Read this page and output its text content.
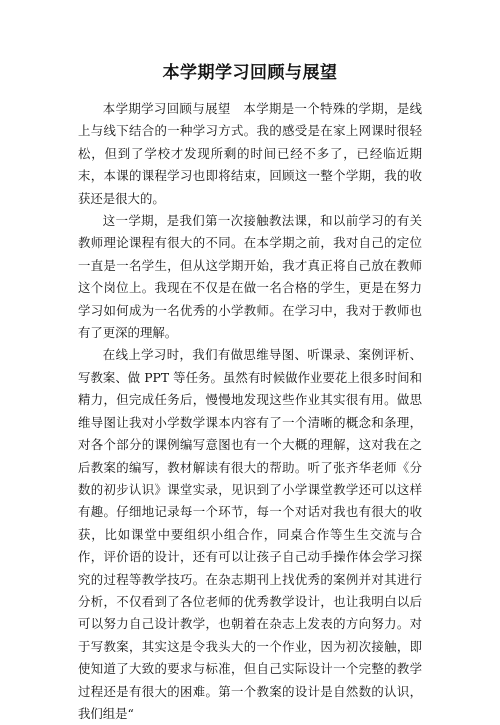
本学期学习回顾与展望

本学期学习回顾与展望　本学期是一个特殊的学期，是线上与线下结合的一种学习方式。我的感受是在家上网课时很轻松，但到了学校才发现所剩的时间已经不多了，已经临近期末，本课的课程学习也即将结束，回顾这一整个学期，我的收获还是很大的。

这一学期，是我们第一次接触教法课，和以前学习的有关教师理论课程有很大的不同。在本学期之前，我对自己的定位一直是一名学生，但从这学期开始，我才真正将自己放在教师这个岗位上。我现在不仅是在做一名合格的学生，更是在努力学习如何成为一名优秀的小学教师。在学习中，我对于教师也有了更深的理解。

在线上学习时，我们有做思维导图、听课录、案例评析、写教案、做 PPT 等任务。虽然有时候做作业要花上很多时间和精力，但完成任务后，慢慢地发现这些作业其实很有用。做思维导图让我对小学数学课本内容有了一个清晰的概念和条理，对各个部分的课例编写意图也有一个大概的理解，这对我在之后教案的编写，教材解读有很大的帮助。听了张齐华老师《分数的初步认识》课堂实录，见识到了小学课堂教学还可以这样有趣。仔细地记录每一个环节，每一个对话对我也有很大的收获，比如课堂中要组织小组合作，同桌合作等生生交流与合作，评价语的设计，还有可以让孩子自己动手操作体会学习探究的过程等教学技巧。在杂志期刊上找优秀的案例并对其进行分析，不仅看到了各位老师的优秀教学设计，也让我明白以后可以努力自己设计教学，也朝着在杂志上发表的方向努力。对于写教案，其实这是令我头大的一个作业，因为初次接触，即使知道了大致的要求与标准，但自己实际设计一个完整的教学过程还是有很大的困难。第一个教案的设计是自然数的认识，我们组是“
